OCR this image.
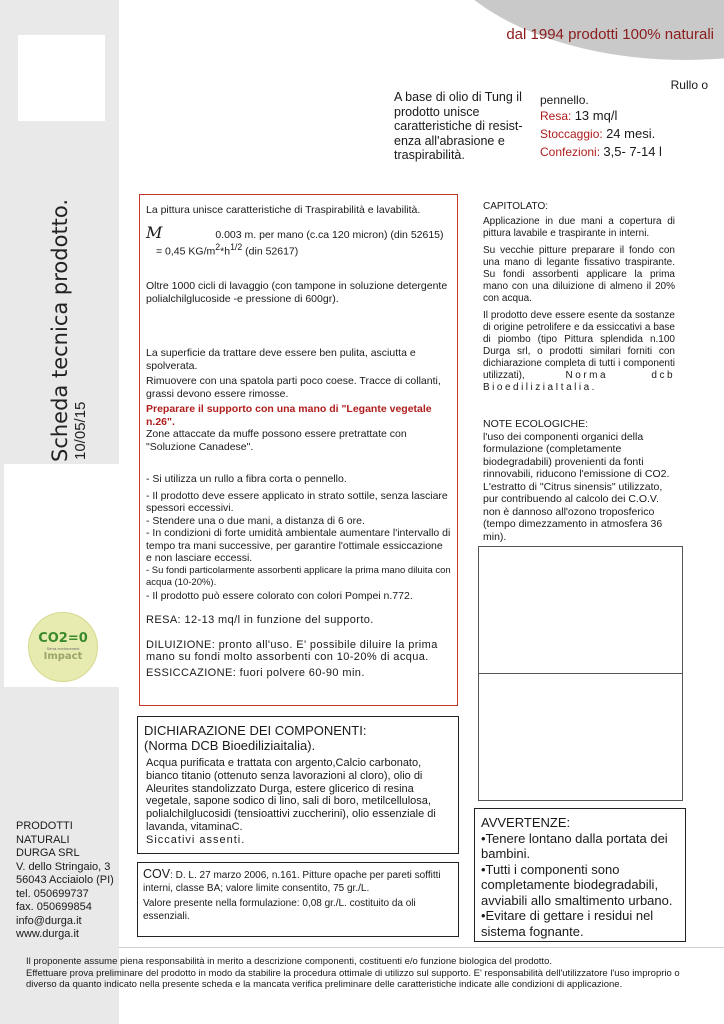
Scheda tecnica prodotto. 10/05/15
CO2=0
Serra environment
Impact
PRODOTTI
NATURALI
DURGA SRL
V. dello Stringaio, 3
56043 Acciaiolo (PI)
tel. 050699737
fax. 050699854
info@durga.it
www.durga.it
dal 1994 prodotti 100% naturali
A base di olio di Tung il prodotto unisce caratteristiche di resist-enza all'abrasione e traspirabilità.
Rullo o
pennello.
Resa: 13 mq/l
Stoccaggio: 24 mesi.
Confezioni: 3,5- 7-14 l

La pittura unisce caratteristiche di Traspirabilità e lavabilità.

M	0.003 m. per mano (c.ca 120 micron) (din 52615)

= 0,45 $KG/m^2*h^{1/2}$ (din 52617)

Oltre 1000 cicli di lavaggio (con tampone in soluzione detergente polialchilglucoside -e pressione di 600gr).

La superficie da trattare deve essere ben pulita, asciutta e spolverata.

Rimuovere con una spatola parti poco coese. Tracce di collanti, grassi devono essere rimosse.

Preparare il supporto con una mano di "Legante vegetale n.26".

Zone attaccate da muffe possono essere pretrattate con "Soluzione Canadese".

- Si utilizza un rullo a fibra corta o pennello.

- Il prodotto deve essere applicato in strato sottile, senza lasciare spessori eccessivi.

- Stendere una o due mani, a distanza di 6 ore.

- In condizioni di forte umidità ambientale aumentare l'intervallo di tempo tra mani successive, per garantire l'ottimale essiccazione e non lasciare eccessi.

- Su fondi particolarmente assorbenti applicare la prima mano diluita con acqua (10-20%).

- Il prodotto può essere colorato con colori Pompei n.772.

RESA: 12-13 mq/l in funzione del supporto.

DILUIZIONE: pronto all'uso. E' possibile diluire la prima mano su fondi molto assorbenti con 10-20% di acqua.

ESSICCAZIONE: fuori polvere 60-90 min.

CAPITOLATO:
Applicazione in due mani a copertura di pittura lavabile e traspirante in interni.
Su vecchie pitture preparare il fondo con una mano di legante fissativo traspirante. Su fondi assorbenti applicare la prima mano con una diluizione di almeno il 20% con acqua.
Il prodotto deve essere esente da sostanze di origine petrolifere e da essiccativi a base di piombo (tipo Pittura splendida n.100 Durga srl, o prodotti similari forniti con dichiarazione completa di tutti i componenti utilizzati),	Norma dcb BioediliziaItalia.
NOTE ECOLOGICHE:
l'uso dei componenti organici della formulazione (completamente biodegradabili) provenienti da fonti rinnovabili, riducono l'emissione di CO2. L'estratto di "Citrus sinensis" utilizzato, pur contribuendo al calcolo dei C.O.V. non è dannoso all'ozono troposferico (tempo dimezzamento in atmosfera 36 min).
DICHIARAZIONE DEI COMPONENTI:
(Norma DCB Bioediliziaitalia).
Acqua purificata e trattata con argento,Calcio carbonato, bianco titanio (ottenuto senza lavorazioni al cloro), olio di Aleurites standolizzato Durga, estere glicerico di resina vegetale, sapone sodico di lino, sali di boro, metilcellulosa, polialchilglucosidi (tensioattivi zuccherini), olio essenziale di lavanda, vitaminaC.
Siccativi assenti.
COV: D. L. 27 marzo 2006, n.161. Pitture opache per pareti soffitti interni, classe BA; valore limite consentito, 75 gr./L.
Valore presente nella formulazione: 0,08 gr./L. costituito da oli essenziali.
AVVERTENZE:
•Tenere lontano dalla portata dei bambini.
•Tutti i componenti sono completamente biodegradabili, avviabili allo smaltimento urbano.
•Evitare di gettare i residui nel sistema fognante.
Il proponente assume piena responsabilità in merito a descrizione componenti, costituenti e/o funzione biologica del prodotto.
Effettuare prova preliminare del prodotto in modo da stabilire la procedura ottimale di utilizzo sul supporto. E' responsabilità dell'utilizzatore l'uso improprio o diverso da quanto indicato nella presente scheda e la mancata verifica preliminare delle caratteristiche indicate alle condizioni di applicazione.
